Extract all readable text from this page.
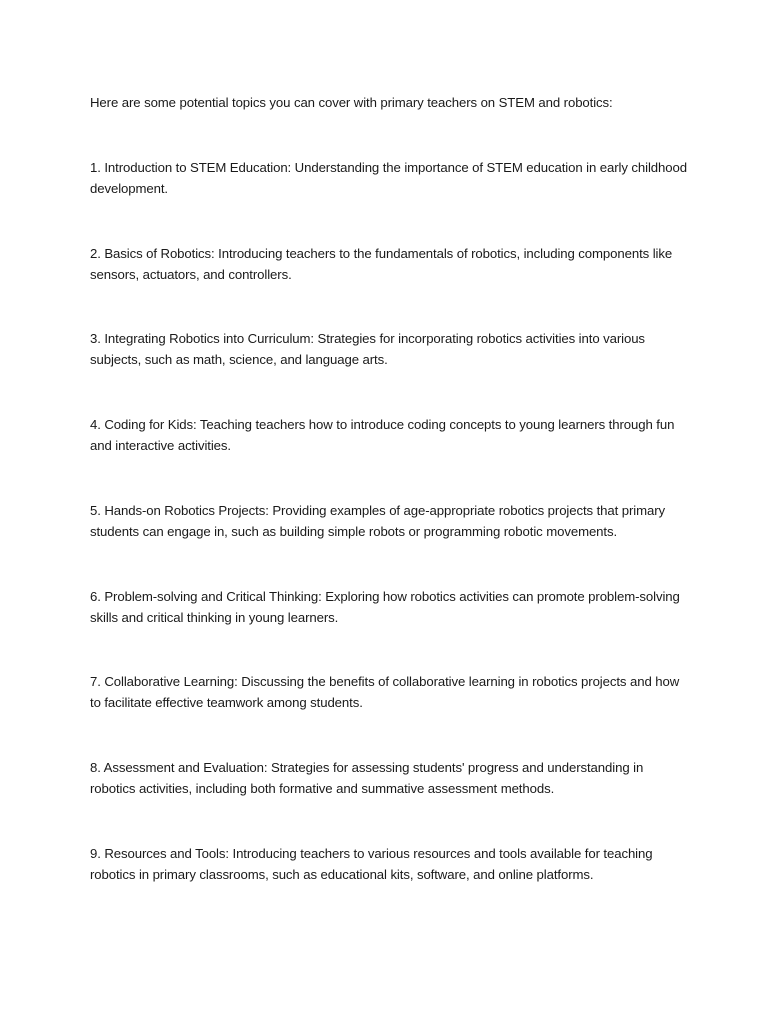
Here are some potential topics you can cover with primary teachers on STEM and robotics:

1. Introduction to STEM Education: Understanding the importance of STEM education in early childhood development.

2. Basics of Robotics: Introducing teachers to the fundamentals of robotics, including components like sensors, actuators, and controllers.

3. Integrating Robotics into Curriculum: Strategies for incorporating robotics activities into various subjects, such as math, science, and language arts.

4. Coding for Kids: Teaching teachers how to introduce coding concepts to young learners through fun and interactive activities.

5. Hands-on Robotics Projects: Providing examples of age-appropriate robotics projects that primary students can engage in, such as building simple robots or programming robotic movements.

6. Problem-solving and Critical Thinking: Exploring how robotics activities can promote problem-solving skills and critical thinking in young learners.

7. Collaborative Learning: Discussing the benefits of collaborative learning in robotics projects and how to facilitate effective teamwork among students.

8. Assessment and Evaluation: Strategies for assessing students' progress and understanding in robotics activities, including both formative and summative assessment methods.

9. Resources and Tools: Introducing teachers to various resources and tools available for teaching robotics in primary classrooms, such as educational kits, software, and online platforms.
